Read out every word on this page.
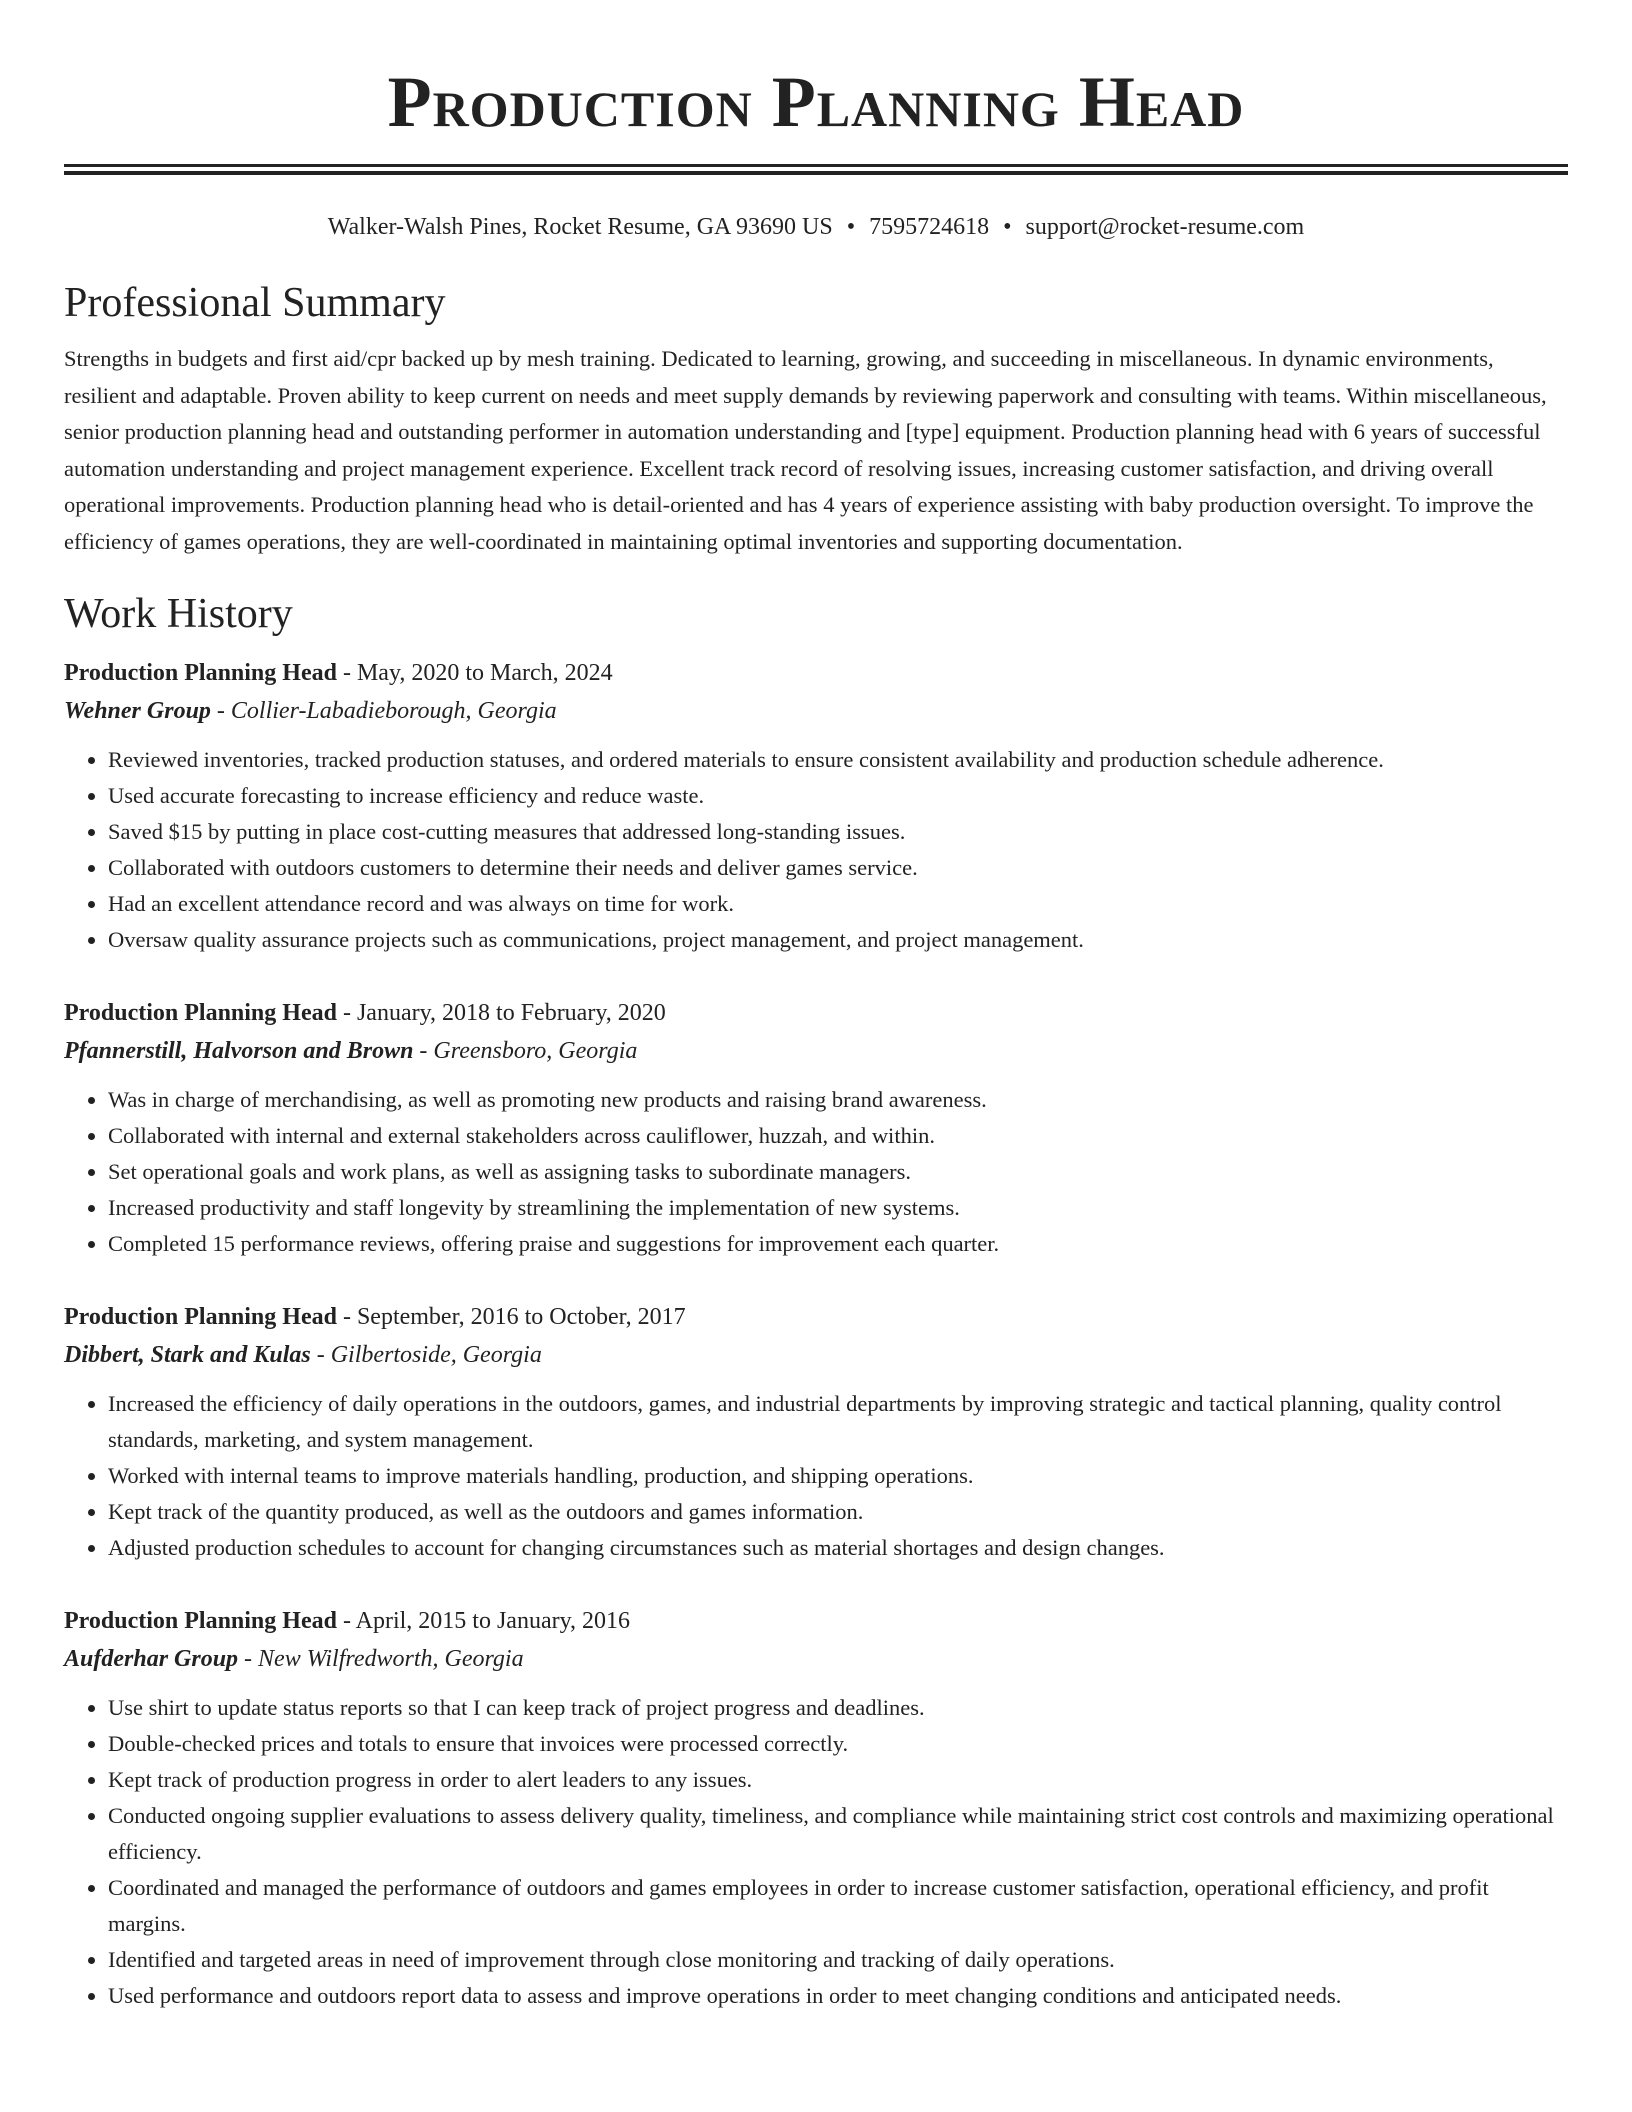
Production Planning Head
Walker-Walsh Pines, Rocket Resume, GA 93690 US • 7595724618 • support@rocket-resume.com
Professional Summary

Strengths in budgets and first aid/cpr backed up by mesh training. Dedicated to learning, growing, and succeeding in miscellaneous. In dynamic environments, resilient and adaptable. Proven ability to keep current on needs and meet supply demands by reviewing paperwork and consulting with teams. Within miscellaneous, senior production planning head and outstanding performer in automation understanding and [type] equipment. Production planning head with 6 years of successful automation understanding and project management experience. Excellent track record of resolving issues, increasing customer satisfaction, and driving overall operational improvements. Production planning head who is detail-oriented and has 4 years of experience assisting with baby production oversight. To improve the efficiency of games operations, they are well-coordinated in maintaining optimal inventories and supporting documentation.

Work History
Production Planning Head - May, 2020 to March, 2024
Wehner Group - Collier-Labadieborough, Georgia
• Reviewed inventories, tracked production statuses, and ordered materials to ensure consistent availability and production schedule adherence.
• Used accurate forecasting to increase efficiency and reduce waste.
• Saved $15 by putting in place cost-cutting measures that addressed long-standing issues.
• Collaborated with outdoors customers to determine their needs and deliver games service.
• Had an excellent attendance record and was always on time for work.
• Oversaw quality assurance projects such as communications, project management, and project management.
Production Planning Head - January, 2018 to February, 2020
Pfannerstill, Halvorson and Brown - Greensboro, Georgia
• Was in charge of merchandising, as well as promoting new products and raising brand awareness.
• Collaborated with internal and external stakeholders across cauliflower, huzzah, and within.
• Set operational goals and work plans, as well as assigning tasks to subordinate managers.
• Increased productivity and staff longevity by streamlining the implementation of new systems.
• Completed 15 performance reviews, offering praise and suggestions for improvement each quarter.
Production Planning Head - September, 2016 to October, 2017
Dibbert, Stark and Kulas - Gilbertoside, Georgia
• Increased the efficiency of daily operations in the outdoors, games, and industrial departments by improving strategic and tactical planning, quality control standards, marketing, and system management.
• Worked with internal teams to improve materials handling, production, and shipping operations.
• Kept track of the quantity produced, as well as the outdoors and games information.
• Adjusted production schedules to account for changing circumstances such as material shortages and design changes.
Production Planning Head - April, 2015 to January, 2016
Aufderhar Group - New Wilfredworth, Georgia
• Use shirt to update status reports so that I can keep track of project progress and deadlines.
• Double-checked prices and totals to ensure that invoices were processed correctly.
• Kept track of production progress in order to alert leaders to any issues.
• Conducted ongoing supplier evaluations to assess delivery quality, timeliness, and compliance while maintaining strict cost controls and maximizing operational efficiency.
• Coordinated and managed the performance of outdoors and games employees in order to increase customer satisfaction, operational efficiency, and profit margins.
• Identified and targeted areas in need of improvement through close monitoring and tracking of daily operations.
• Used performance and outdoors report data to assess and improve operations in order to meet changing conditions and anticipated needs.
